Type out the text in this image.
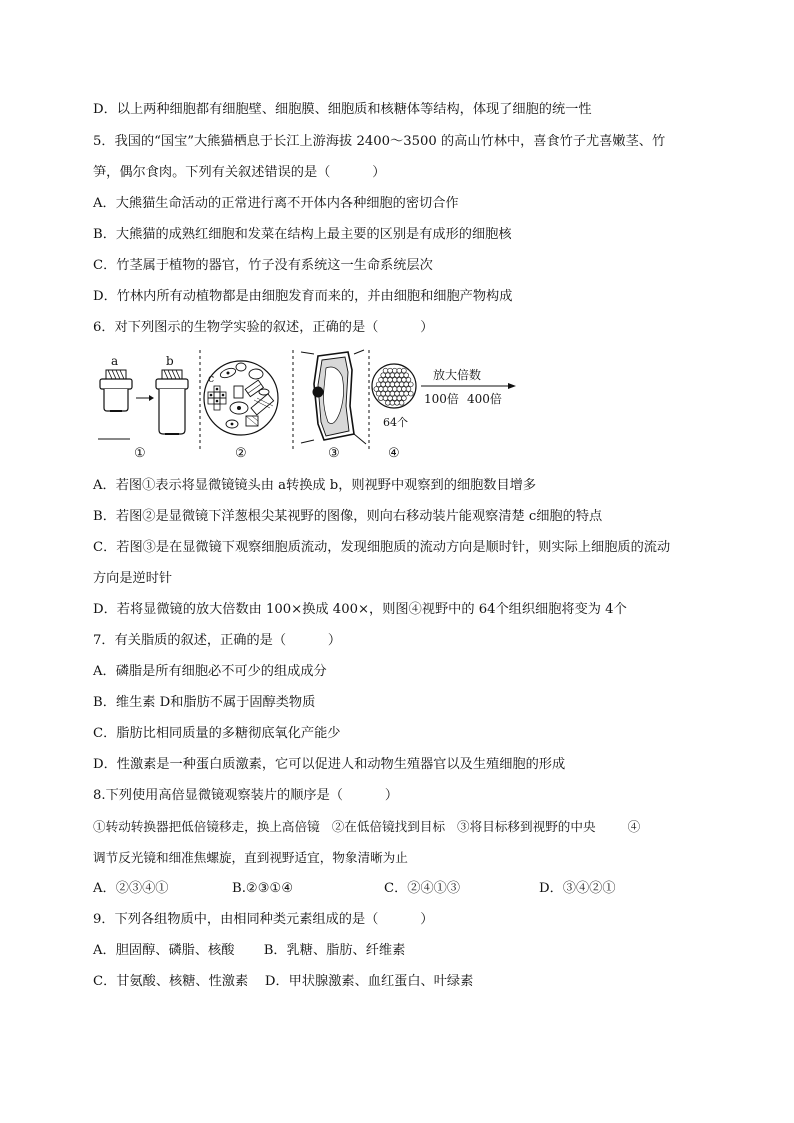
D．以上两种细胞都有细胞壁、细胞膜、细胞质和核糖体等结构，体现了细胞的统一性
5．我国的“国宝”大熊猫栖息于长江上游海拔 2400～3500 的高山竹林中，喜食竹子尤喜嫩茎、竹
笋，偶尔食肉。下列有关叙述错误的是（          ）
A．大熊猫生命活动的正常进行离不开体内各种细胞的密切合作
B．大熊猫的成熟红细胞和发菜在结构上最主要的区别是有成形的细胞核
C．竹茎属于植物的器官，竹子没有系统这一生命系统层次
D．竹林内所有动植物都是由细胞发育而来的，并由细胞和细胞产物构成
6．对下列图示的生物学实验的叙述，正确的是（          ）
a	b
①
c
②	③
64个
④
放大倍数
100倍 400倍
A．若图①表示将显微镜镜头由 a转换成 b，则视野中观察到的细胞数目增多
B．若图②是显微镜下洋葱根尖某视野的图像，则向右移动装片能观察清楚 c细胞的特点
C．若图③是在显微镜下观察细胞质流动，发现细胞质的流动方向是顺时针，则实际上细胞质的流动
方向是逆时针
D．若将显微镜的放大倍数由 100×换成 400×，则图④视野中的 64个组织细胞将变为 4个
7．有关脂质的叙述，正确的是（          ）
A．磷脂是所有细胞必不可少的组成成分
B．维生素 D和脂肪不属于固醇类物质
C．脂肪比相同质量的多糖彻底氧化产能少
D．性激素是一种蛋白质激素，它可以促进人和动物生殖器官以及生殖细胞的形成
8.下列使用高倍显微镜观察装片的顺序是（          ）
①转动转换器把低倍镜移走，换上高倍镜   ②在低倍镜找到目标   ③将目标移到视野的中央        ④
调节反光镜和细准焦螺旋，直到视野适宜，物象清晰为止
A．②③④①	B.②③①④	C．②④①③	D．③④②①
9．下列各组物质中，由相同种类元素组成的是（          ）
A．胆固醇、磷脂、核酸       B．乳糖、脂肪、纤维素
C．甘氨酸、核糖、性激素    D．甲状腺激素、血红蛋白、叶绿素
